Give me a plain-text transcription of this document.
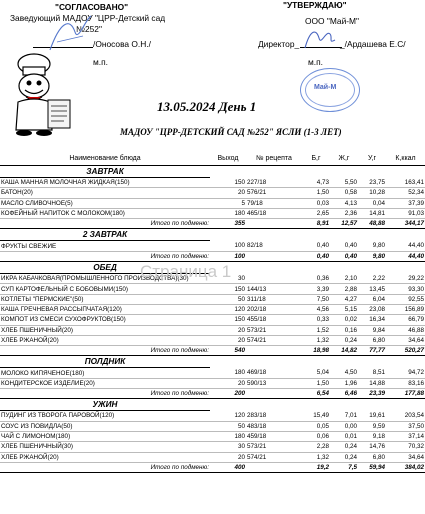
"СОГЛАСОВАНО"
Заведующий МАДОУ "ЦРР-Детский сад
№252"
/Оносова О.Н./
м.п.
"УТВЕРЖДАЮ"
ООО "Май-М"
Директор_	_/Ардашева Е.С/
м.п.
Май-М
13.05.2024 День 1
МАДОУ "ЦРР-ДЕТСКИЙ САД №252" ЯСЛИ (1-3 ЛЕТ)
Наименование блюда	Выход	№ рецепта	Б,г	Ж,г	У,г	К,ккал
ЗАВТРАК						
КАША МАННАЯ МОЛОЧНАЯ ЖИДКАЯ(150)	150	227/18	4,73	5,50	23,75	163,41
БАТОН(20)	20	576/21	1,50	0,58	10,28	52,34
МАСЛО СЛИВОЧНОЕ(5)	5	79/18	0,03	4,13	0,04	37,39
КОФЕЙНЫЙ НАПИТОК С МОЛОКОМ(180)	180	465/18	2,65	2,36	14,81	91,03
Итого по подменю:	355		8,91	12,57	48,88	344,17
2 ЗАВТРАК						
ФРУКТЫ СВЕЖИЕ	100	82/18	0,40	0,40	9,80	44,40
Итого по подменю:	100		0,40	0,40	9,80	44,40
ОБЕД						
ИКРА КАБАЧКОВАЯ(ПРОМЫШЛЕННОГО ПРОИЗВОДСТВА)(30)	30		0,36	2,10	2,22	29,22
СУП КАРТОФЕЛЬНЫЙ С БОБОВЫМИ(150)	150	144/13	3,39	2,88	13,45	93,30
КОТЛЕТЫ "ПЕРМСКИЕ"(50)	50	311/18	7,50	4,27	6,04	92,55
КАША ГРЕЧНЕВАЯ РАССЫПЧАТАЯ(120)	120	202/18	4,56	5,15	23,08	156,89
КОМПОТ ИЗ СМЕСИ СУХОФРУКТОВ(150)	150	455/18	0,33	0,02	16,34	66,79
ХЛЕБ ПШЕНИЧНЫЙ(20)	20	573/21	1,52	0,16	9,84	46,88
ХЛЕБ РЖАНОЙ(20)	20	574/21	1,32	0,24	6,80	34,64
Итого по подменю:	540		18,98	14,82	77,77	520,27
ПОЛДНИК						
МОЛОКО КИПЯЧЕНОЕ(180)	180	469/18	5,04	4,50	8,51	94,72
КОНДИТЕРСКОЕ ИЗДЕЛИЕ(20)	20	590/13	1,50	1,96	14,88	83,16
Итого по подменю:	200		6,54	6,46	23,39	177,88
УЖИН						
ПУДИНГ ИЗ ТВОРОГА ПАРОВОЙ(120)	120	283/18	15,49	7,01	19,61	203,54
СОУС ИЗ ПОВИДЛА(50)	50	483/18	0,05	0,00	9,59	37,50
ЧАЙ С ЛИМОНОМ(180)	180	459/18	0,06	0,01	9,18	37,14
ХЛЕБ ПШЕНИЧНЫЙ(30)	30	573/21	2,28	0,24	14,76	70,32
ХЛЕБ РЖАНОЙ(20)	20	574/21	1,32	0,24	6,80	34,64
Итого по подменю:	400		19,2	7,5	59,94	384,02
Страница 1
